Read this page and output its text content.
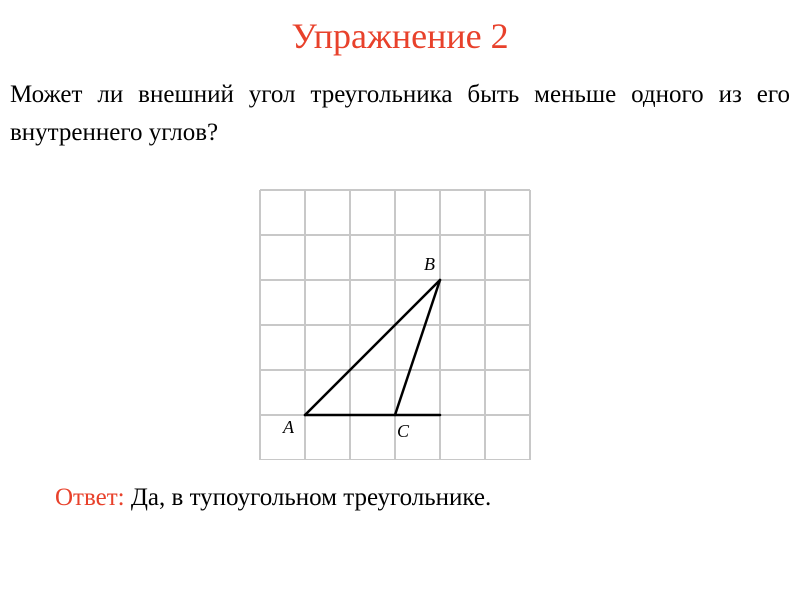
Упражнение 2
Может ли внешний угол треугольника быть меньше одного из его внутреннего углов?
A
B
C
Ответ: Да, в тупоугольном треугольнике.
